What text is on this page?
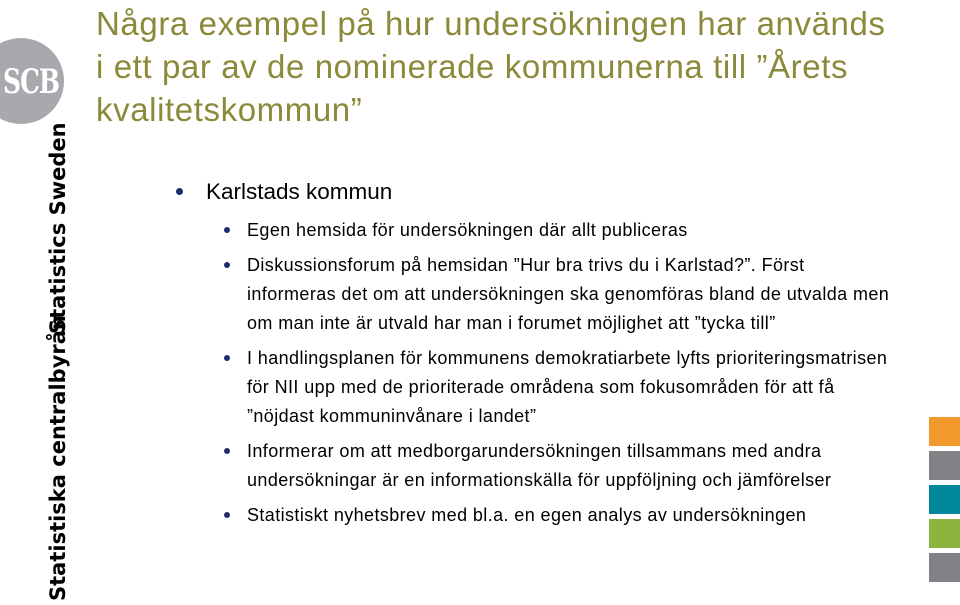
SCB
Statistics Sweden
Statistiska centralbyrån
Några exempel på hur undersökningen har används i ett par av de nominerade kommunerna till ”Årets kvalitetskommun”
Karlstads kommun
Egen hemsida för undersökningen där allt publiceras
Diskussionsforum på hemsidan ”Hur bra trivs du i Karlstad?”. Först informeras det om att undersökningen ska genomföras bland de utvalda men om man inte är utvald har man i forumet möjlighet att ”tycka till”
I handlingsplanen för kommunens demokratiarbete lyfts prioriteringsmatrisen för NII upp med de prioriterade områdena som fokusområden för att få ”nöjdast kommuninvånare i landet”
Informerar om att medborgarundersökningen tillsammans med andra undersökningar är en informationskälla för uppföljning och jämförelser
Statistiskt nyhetsbrev med bl.a. en egen analys av undersökningen
